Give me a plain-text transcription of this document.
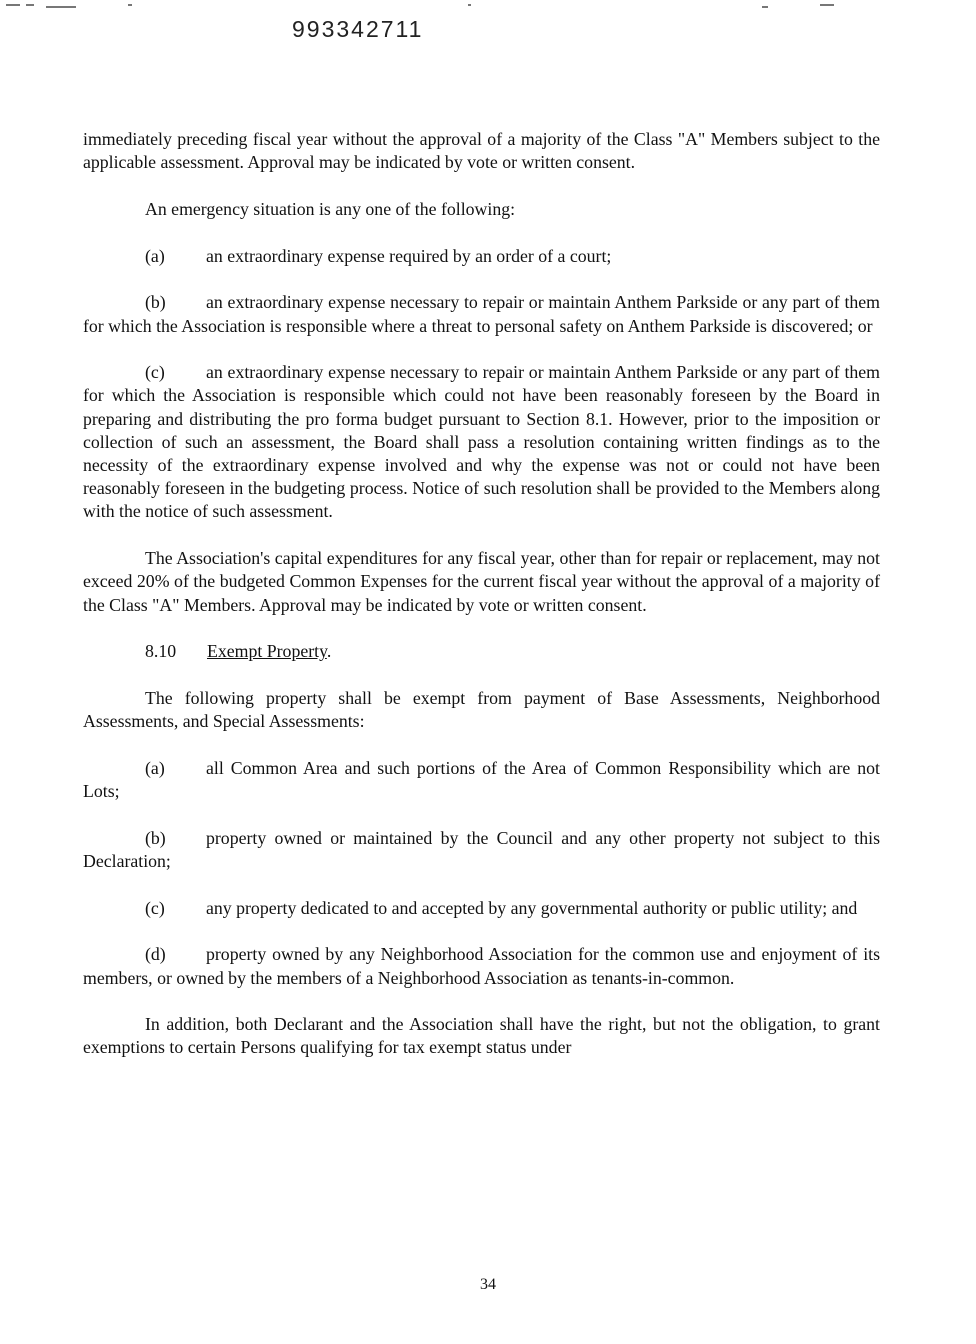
993342711

immediately preceding fiscal year without the approval of a majority of the Class "A" Members subject to the applicable assessment. Approval may be indicated by vote or written consent.

An emergency situation is any one of the following:

(a) an extraordinary expense required by an order of a court;

(b) an extraordinary expense necessary to repair or maintain Anthem Parkside or any part of them for which the Association is responsible where a threat to personal safety on Anthem Parkside is discovered; or

(c) an extraordinary expense necessary to repair or maintain Anthem Parkside or any part of them for which the Association is responsible which could not have been reasonably foreseen by the Board in preparing and distributing the pro forma budget pursuant to Section 8.1. However, prior to the imposition or collection of such an assessment, the Board shall pass a resolution containing written findings as to the necessity of the extraordinary expense involved and why the expense was not or could not have been reasonably foreseen in the budgeting process. Notice of such resolution shall be provided to the Members along with the notice of such assessment.

The Association's capital expenditures for any fiscal year, other than for repair or replacement, may not exceed 20% of the budgeted Common Expenses for the current fiscal year without the approval of a majority of the Class "A" Members. Approval may be indicated by vote or written consent.

8.10 Exempt Property.

The following property shall be exempt from payment of Base Assessments, Neighborhood Assessments, and Special Assessments:

(a) all Common Area and such portions of the Area of Common Responsibility which are not Lots;

(b) property owned or maintained by the Council and any other property not subject to this Declaration;

(c) any property dedicated to and accepted by any governmental authority or public utility; and

(d) property owned by any Neighborhood Association for the common use and enjoyment of its members, or owned by the members of a Neighborhood Association as tenants-in-common.

In addition, both Declarant and the Association shall have the right, but not the obligation, to grant exemptions to certain Persons qualifying for tax exempt status under

34
